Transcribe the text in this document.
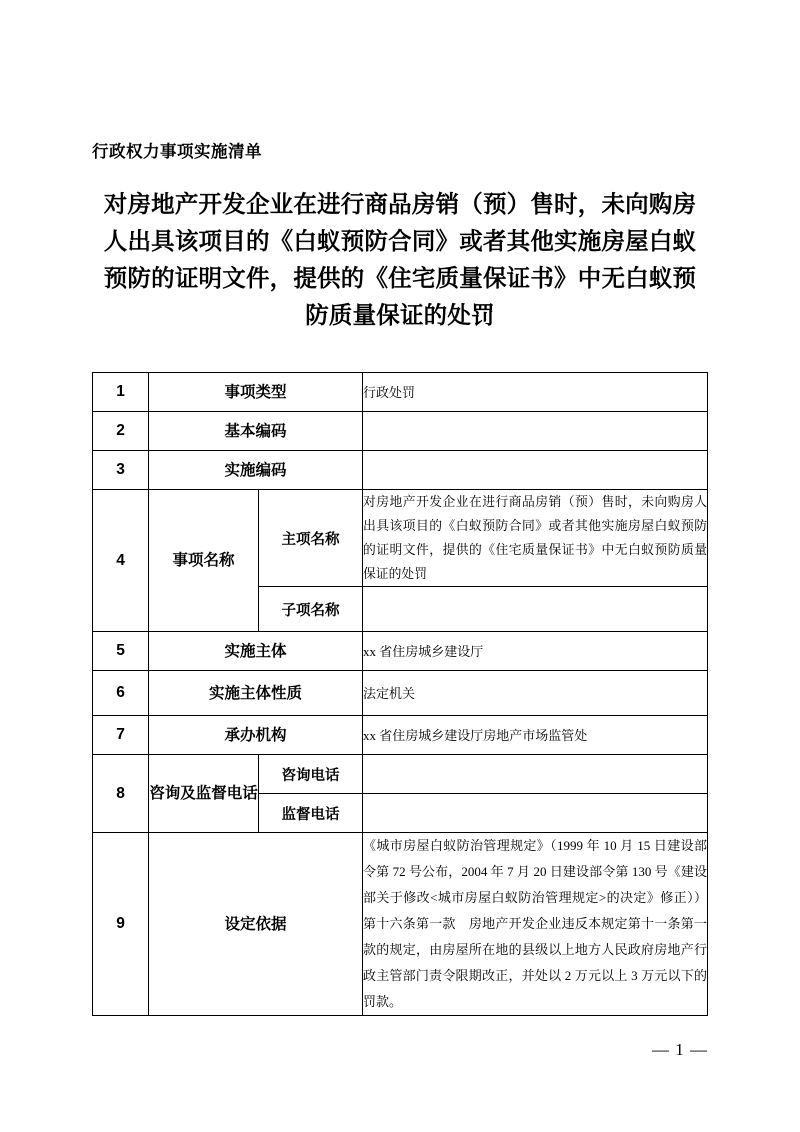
行政权力事项实施清单
对房地产开发企业在进行商品房销（预）售时，未向购房人出具该项目的《白蚁预防合同》或者其他实施房屋白蚁预防的证明文件，提供的《住宅质量保证书》中无白蚁预防质量保证的处罚
1	事项类型		行政处罚
2	基本编码		
3	实施编码		
4	事项名称	主项名称	对房地产开发企业在进行商品房销（预）售时，未向购房人出具该项目的《白蚁预防合同》或者其他实施房屋白蚁预防的证明文件，提供的《住宅质量保证书》中无白蚁预防质量保证的处罚
		子项名称	
5	实施主体		xx 省住房城乡建设厅
6	实施主体性质		法定机关
7	承办机构		xx 省住房城乡建设厅房地产市场监管处
8	咨询及监督电话	咨询电话	
		监督电话	
9	设定依据		《城市房屋白蚁防治管理规定》（1999 年 10 月 15 日建设部令第 72 号公布，2004 年 7 月 20 日建设部令第 130 号《建设部关于修改<城市房屋白蚁防治管理规定>的决定》修正））第十六条第一款　房地产开发企业违反本规定第十一条第一款的规定，由房屋所在地的县级以上地方人民政府房地产行政主管部门责令限期改正，并处以 2 万元以上 3 万元以下的罚款。
— 1 —
